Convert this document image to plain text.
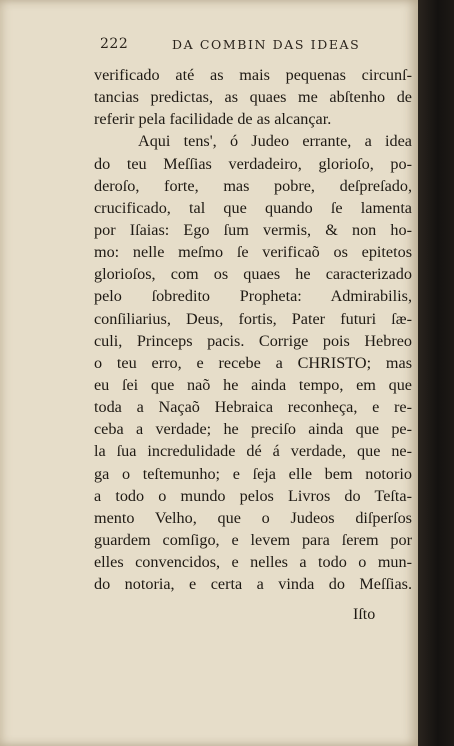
222	DA COMBIN DAS IDEAS
verificado até as mais pequenas circunſ-
tancias predictas, as quaes me abſtenho de
referir pela facilidade de as alcançar.
Aqui tens', ó Judeo errante, a idea
do teu Meſſias verdadeiro, glorioſo, po-
deroſo, forte, mas pobre, deſpreſado,
crucificado, tal que quando ſe lamenta
por Iſaias: Ego ſum vermis, & non ho-
mo: nelle meſmo ſe verificaõ os epitetos
glorioſos, com os quaes he caracterizado
pelo ſobredito Propheta: Admirabilis,
conſiliarius, Deus, fortis, Pater futuri ſæ-
culi, Princeps pacis. Corrige pois Hebreo
o teu erro, e recebe a CHRISTO; mas
eu ſei que naõ he ainda tempo, em que
toda a Naçaõ Hebraica reconheça, e re-
ceba a verdade; he preciſo ainda que pe-
la ſua incredulidade dé á verdade, que ne-
ga o teſtemunho; e ſeja elle bem notorio
a todo o mundo pelos Livros do Teſta-
mento Velho, que o Judeos diſperſos
guardem comſigo, e levem para ſerem por
elles convencidos, e nelles a todo o mun-
do notoria, e certa a vinda do Meſſias.
Iſto
